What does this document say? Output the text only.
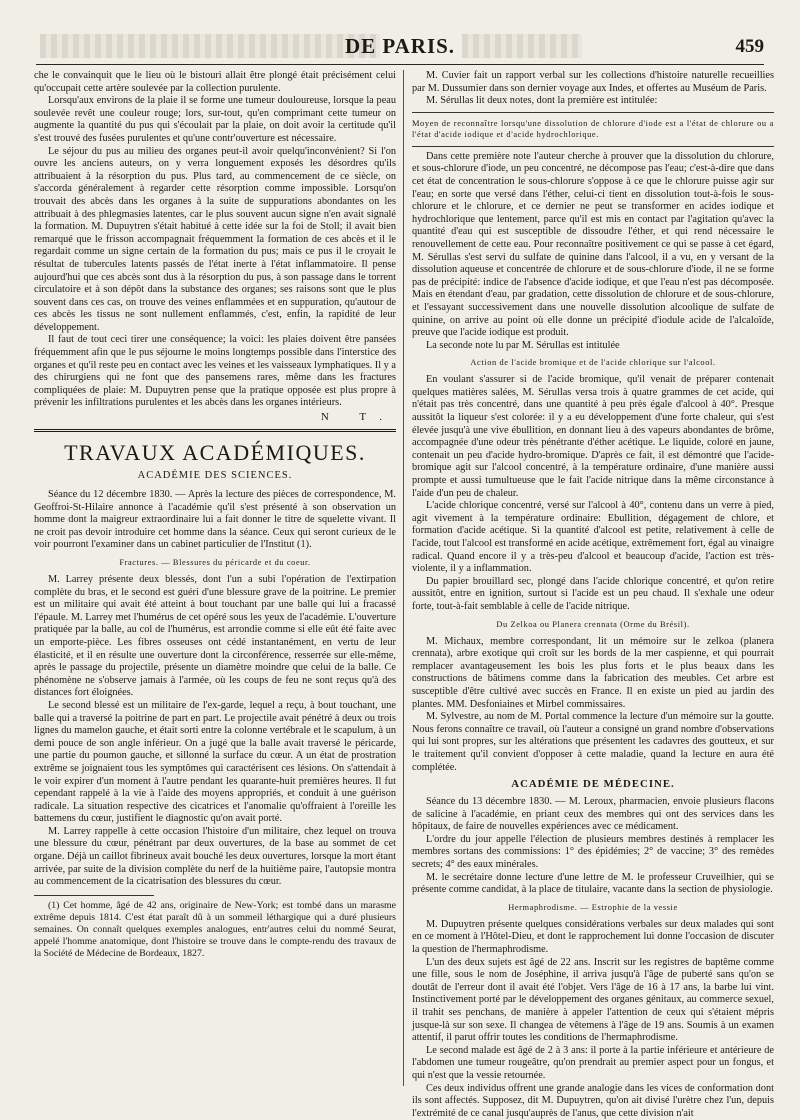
DE PARIS.	459

che le convainquit que le lieu où le bistouri allait être plongé était précisément celui qu'occupait cette artère soulevée par la collection purulente.

Lorsqu'aux environs de la plaie il se forme une tumeur douloureuse, lorsque la peau soulevée revêt une couleur rouge; lors, sur-tout, qu'en comprimant cette tumeur on augmente la quantité du pus qui s'écoulait par la plaie, on doit avoir la certitude qu'il s'est trouvé des fusées purulentes et qu'une contr'ouverture est nécessaire.

Le séjour du pus au milieu des organes peut-il avoir quelqu'inconvénient? Si l'on ouvre les anciens auteurs, on y verra longuement exposés les désordres qu'ils attribuaient à la résorption du pus. Plus tard, au commencement de ce siècle, on s'accorda généralement à regarder cette résorption comme impossible. Lorsqu'on trouvait des abcès dans les organes à la suite de suppurations abondantes on les attribuait à des phlegmasies latentes, car le plus souvent aucun signe n'en avait signalé la formation. M. Dupuytren s'était habitué à cette idée sur la foi de Stoll; il avait bien remarqué que le frisson accompagnait fréquemment la formation de ces abcès et il le regardait comme un signe certain de la formation du pus; mais ce pus il le croyait le résultat de tubercules latents passés de l'état inerte à l'état inflammatoire. Il pense aujourd'hui que ces abcès sont dus à la résorption du pus, à son passage dans le torrent circulatoire et à son dépôt dans la substance des organes; ses raisons sont que le plus souvent dans ces cas, on trouve des veines enflammées et en suppuration, qu'autour de ces abcès les tissus ne sont nullement enflammés, c'est, enfin, la rapidité de leur développement.

Il faut de tout ceci tirer une conséquence; la voici: les plaies doivent être pansées fréquemment afin que le pus séjourne le moins longtemps possible dans l'interstice des organes et qu'il reste peu en contact avec les veines et les vaisseaux lymphatiques. Il y a des chirurgiens qui ne font que des pansemens rares, même dans les fractures compliquées de plaie: M. Dupuytren pense que la pratique opposée est plus propre à prévenir les infiltrations purulentes et les abcès dans les organes intérieurs.

N T.
TRAVAUX ACADÉMIQUES.
ACADÉMIE DES SCIENCES.

Séance du 12 décembre 1830. — Après la lecture des pièces de correspondence, M. Geoffroi-St-Hilaire annonce à l'académie qu'il s'est présenté à son observation un homme dont la maigreur extraordinaire lui a fait donner le titre de squelette vivant. Il ne croit pas devoir introduire cet homme dans la séance. Ceux qui seront curieux de le voir pourront l'examiner dans un cabinet particulier de l'Institut (1).

Fractures. — Blessures du péricarde et du coeur.

M. Larrey présente deux blessés, dont l'un a subi l'opération de l'extirpation complète du bras, et le second est guéri d'une blessure grave de la poitrine. Le premier est un militaire qui avait été atteint à bout touchant par une balle qui lui a fracassé l'épaule. M. Larrey met l'humérus de cet opéré sous les yeux de l'académie. L'ouverture pratiquée par la balle, au col de l'humérus, est arrondie comme si elle eût été faite avec un emporte-pièce. Les fibres osseuses ont cédé instantanément, en vertu de leur élasticité, et il en résulte une ouverture dont la circonférence, resserrée sur elle-même, après le passage du projectile, présente un diamètre moindre que celui de la balle. Ce phénomène ne s'observe jamais à l'armée, où les coups de feu ne sont reçus qu'à des distances fort éloignées.

Le second blessé est un militaire de l'ex-garde, lequel a reçu, à bout touchant, une balle qui a traversé la poitrine de part en part. Le projectile avait pénétré à deux ou trois lignes du mamelon gauche, et était sorti entre la colonne vertébrale et le scapulum, à un demi pouce de son angle inférieur. On a jugé que la balle avait traversé le péricarde, une partie du poumon gauche, et sillonné la surface du cœur. A un état de prostration extrême se joignaient tous les symptômes qui caractérisent ces lésions. On s'attendait à le voir expirer d'un moment à l'autre pendant les quarante-huit premières heures. Il fut cependant rappelé à la vie à l'aide des moyens appropriés, et conduit à une guérison radicale. La situation respective des cicatrices et l'anomalie qu'offraient à l'oreille les battemens du cœur, justifient le diagnostic qu'on avait porté.

M. Larrey rappelle à cette occasion l'histoire d'un militaire, chez lequel on trouva une blessure du cœur, pénétrant par deux ouvertures, de la base au sommet de cet organe. Déjà un caillot fibrineux avait bouché les deux ouvertures, lorsque la mort étant arrivée, par suite de la division complète du nerf de la huitième paire, l'autopsie montra au commencement de la cicatrisation des blessures du cœur.

(1) Cet homme, âgé de 42 ans, originaire de New-York; est tombé dans un marasme extrême depuis 1814. C'est état paraît dû à un sommeil léthargique qui a duré plusieurs semaines. On connaît quelques exemples analogues, entr'autres celui du nommé Seurat, appelé l'homme anatomique, dont l'histoire se trouve dans le compte-rendu des travaux de la Société de Médecine de Bordeaux, 1827.

M. Cuvier fait un rapport verbal sur les collections d'histoire naturelle recueillies par M. Dussumier dans son dernier voyage aux Indes, et offertes au Muséum de Paris.

M. Sérullas lit deux notes, dont la première est intitulée:

Moyen de reconnaître lorsqu'une dissolution de chlorure d'iode est a l'état de chlorure ou a l'état d'acide iodique et d'acide hydrochlorique.

Dans cette première note l'auteur cherche à prouver que la dissolution du chlorure, et sous-chlorure d'iode, un peu concentré, ne décompose pas l'eau; c'est-à-dire que dans cet état de concentration le sous-chlorure s'oppose à ce que le chlorure puisse agir sur l'eau; en sorte que versé dans l'éther, celui-ci tient en dissolution tout-à-fois le sous-chlorure et le chlorure, et ce dernier ne peut se transformer en acides iodique et hydrochlorique que lentement, parce qu'il est mis en contact par l'agitation qu'avec la quantité d'eau qui est susceptible de dissoudre l'éther, et qui rend nécessaire le renouvellement de cette eau. Pour reconnaître positivement ce qui se passe à cet égard, M. Sérullas s'est servi du sulfate de quinine dans l'alcool, il a vu, en y versant de la dissolution aqueuse et concentrée de chlorure et de sous-chlorure d'iode, il ne se forme pas de précipité: indice de l'absence d'acide iodique, et que l'eau n'est pas décomposée. Mais en étendant d'eau, par gradation, cette dissolution de chlorure et de sous-chlorure, et l'essayant successivement dans une nouvelle dissolution alcoolique de sulfate de quinine, on arrive au point où elle donne un précipité d'iodule acide de l'alcaloïde, preuve que l'acide iodique est produit.

La seconde note lu par M. Sérullas est intitulée

Action de l'acide bromique et de l'acide chlorique sur l'alcool.

En voulant s'assurer si de l'acide bromique, qu'il venait de préparer contenait quelques matières salées, M. Sérullas versa trois à quatre grammes de cet acide, qui n'était pas très concentré, dans une quantité à peu près égale d'alcool à 40°. Presque aussitôt la liqueur s'est colorée: il y a eu développement d'une forte chaleur, qui s'est élevée jusqu'à une vive ébullition, en donnant lieu à des vapeurs abondantes de brôme, accompagnée d'une odeur très pénétrante d'éther acétique. Le liquide, coloré en jaune, contenait un peu d'acide hydro-bromique. D'après ce fait, il est démontré que l'acide-bromique agit sur l'alcool concentré, à la température ordinaire, d'une manière aussi prompte et aussi tumultueuse que le fait l'acide nitrique dans la même circonstance à l'aide d'un peu de chaleur.

L'acide chlorique concentré, versé sur l'alcool à 40°, contenu dans un verre à pied, agit vivement à la température ordinaire: Ebullition, dégagement de chlore, et formation d'acide acétique. Si la quantité d'alcool est petite, relativement à celle de l'acide, tout l'alcool est transformé en acide acétique, extrêmement fort, égal au vinaigre radical. Quand encore il y a très-peu d'alcool et beaucoup d'acide, l'action est très-violente, il y a inflammation.

Du papier brouillard sec, plongé dans l'acide chlorique concentré, et qu'on retire aussitôt, entre en ignition, surtout si l'acide est un peu chaud. Il s'exhale une odeur forte, tout-à-fait semblable à celle de l'acide nitrique.

Du Zelkoa ou Planera crennata (Orme du Brésil).

M. Michaux, membre correspondant, lit un mémoire sur le zelkoa (planera crennata), arbre exotique qui croît sur les bords de la mer caspienne, et qui pourrait remplacer avantageusement les bois les plus forts et le plus beaux dans les constructions de bâtimens comme dans la fabrication des meubles. Cet arbre est susceptible d'être cultivé avec succès en France. Il en existe un pied au jardin des plantes. MM. Desfoniaines et Mirbel commissaires.

M. Sylvestre, au nom de M. Portal commence la lecture d'un mémoire sur la goutte. Nous ferons connaître ce travail, où l'auteur a consigné un grand nombre d'observations qui lui sont propres, sur les altérations que présentent les cadavres des goutteux, et sur le traitement qu'il convient d'opposer à cette maladie, quand la lecture en aura été complétée.

ACADÉMIE DE MÉDECINE.

Séance du 13 décembre 1830. — M. Leroux, pharmacien, envoie plusieurs flacons de salicine à l'académie, en priant ceux des membres qui ont des services dans les hôpitaux, de faire de nouvelles expériences avec ce médicament.

L'ordre du jour appelle l'élection de plusieurs membres destinés à remplacer les membres sortans des commissions: 1° des épidémies; 2° de vaccine; 3° des remèdes secrets; 4° des eaux minérales.

M. le secrétaire donne lecture d'une lettre de M. le professeur Cruveilhier, qui se présente comme candidat, à la place de titulaire, vacante dans la section de physiologie.

Hermaphrodisme. — Estrophie de la vessie

M. Dupuytren présente quelques considérations verbales sur deux malades qui sont en ce moment à l'Hôtel-Dieu, et dont le rapprochement lui donne l'occasion de discuter la question de l'hermaphrodisme.

L'un des deux sujets est âgé de 22 ans. Inscrit sur les registres de baptême comme une fille, sous le nom de Joséphine, il arriva jusqu'à l'âge de puberté sans qu'on se doutât de l'erreur dont il avait été l'objet. Vers l'âge de 16 à 17 ans, la barbe lui vint. Instinctivement porté par le développement des organes génitaux, au commerce sexuel, il trahit ses penchans, de manière à appeler l'attention de ceux qui s'étaient mépris jusque-là sur son sexe. Il changea de vêtemens à l'âge de 19 ans. Soumis à un examen attentif, il parut offrir toutes les conditions de l'hermaphrodisme.

Le second malade est âgé de 2 à 3 ans: il porte à la partie inférieure et antérieure de l'abdomen une tumeur rougeâtre, qu'on prendrait au premier aspect pour un fongus, et qui n'est que la vessie retournée.

Ces deux individus offrent une grande analogie dans les vices de conformation dont ils sont affectés. Supposez, dit M. Dupuytren, qu'on ait divisé l'urètre chez l'un, depuis l'extrémité de ce canal jusqu'auprès de l'anus, que cette division n'ait
